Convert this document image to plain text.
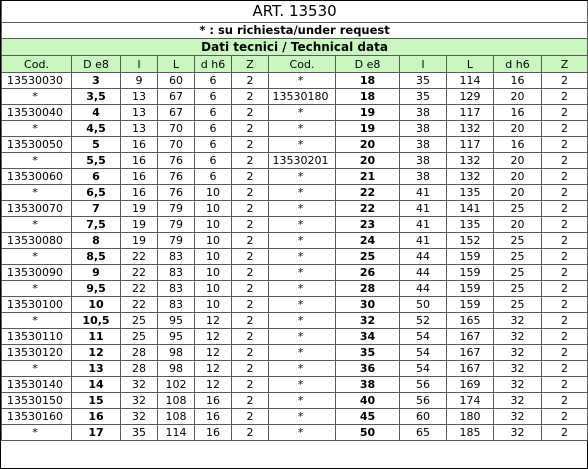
ART. 13530											
* : su richiesta/under request											
Dati tecnici / Technical data											
Cod.	D e8	l	L	d h6	Z	Cod.	D e8	l	L	d h6	Z
13530030	3	9	60	6	2	*	18	35	114	16	2
*	3,5	13	67	6	2	13530180	18	35	129	20	2
13530040	4	13	67	6	2	*	19	38	117	16	2
*	4,5	13	70	6	2	*	19	38	132	20	2
13530050	5	16	70	6	2	*	20	38	117	16	2
*	5,5	16	76	6	2	13530201	20	38	132	20	2
13530060	6	16	76	6	2	*	21	38	132	20	2
*	6,5	16	76	10	2	*	22	41	135	20	2
13530070	7	19	79	10	2	*	22	41	141	25	2
*	7,5	19	79	10	2	*	23	41	135	20	2
13530080	8	19	79	10	2	*	24	41	152	25	2
*	8,5	22	83	10	2	*	25	44	159	25	2
13530090	9	22	83	10	2	*	26	44	159	25	2
*	9,5	22	83	10	2	*	28	44	159	25	2
13530100	10	22	83	10	2	*	30	50	159	25	2
*	10,5	25	95	12	2	*	32	52	165	32	2
13530110	11	25	95	12	2	*	34	54	167	32	2
13530120	12	28	98	12	2	*	35	54	167	32	2
*	13	28	98	12	2	*	36	54	167	32	2
13530140	14	32	102	12	2	*	38	56	169	32	2
13530150	15	32	108	16	2	*	40	56	174	32	2
13530160	16	32	108	16	2	*	45	60	180	32	2
*	17	35	114	16	2	*	50	65	185	32	2
